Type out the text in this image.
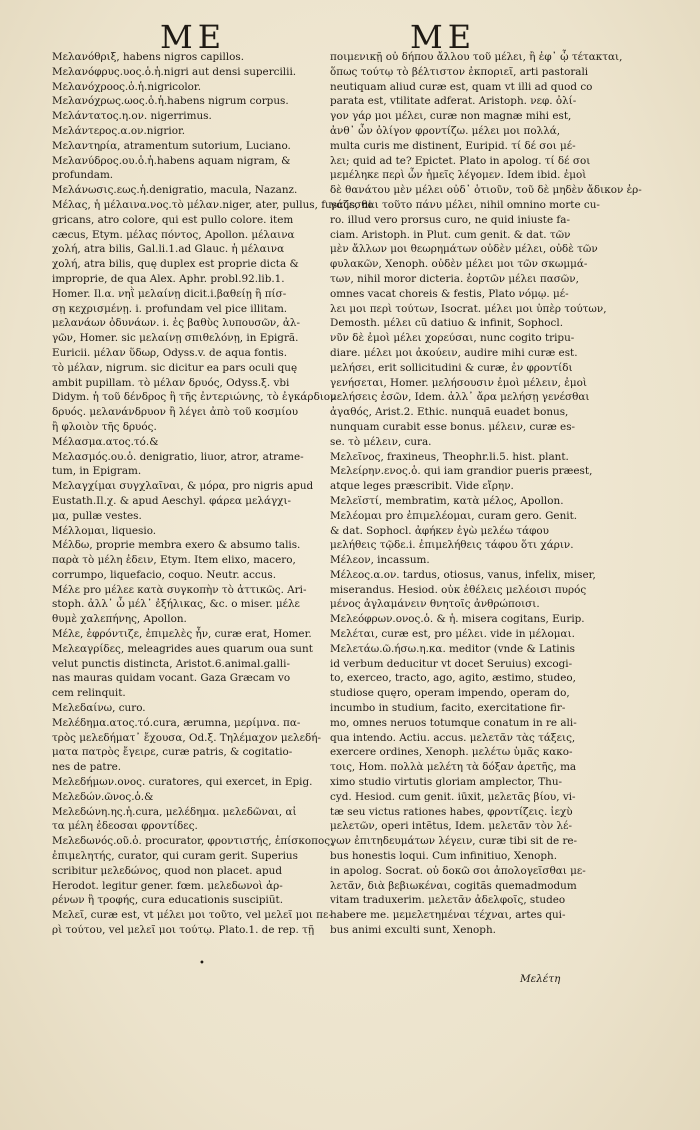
ME	ME
Μελανόθριξ, habens nigros capillos.
Μελανόφρυς.υος.ὁ.ἡ.nigri aut densi supercilii.
Μελανόχροος.ὁ.ἡ.nigricolor.
Μελανόχρως.ωος.ὁ.ἡ.habens nigrum corpus.
Μελάντατος.η.ον. nigerrimus.
Μελάντερος.α.ον.nigrior.
Μελαντηρία, atramentum sutorium, Luciano.
Μελανύδρος.ου.ὁ.ἡ.habens aquam nigram, &
profundam.
Μελάνωσις.εως.ἡ.denigratio, macula, Nazanz.
Μέλας, ἡ μέλαινα.νος.τὸ μέλαν.niger, ater, pullus, fuscus, ni
gricans, atro colore, qui est pullo colore. item
cæcus, Etym. μέλας πόντος, Apollon. μέλαινα
χολή, atra bilis, Gal.li.1.ad Glauc. ἡ μέλαινα
χολή, atra bilis, quę duplex est proprie dicta &
improprie, de qua Alex. Aphr. probl.92.lib.1.
Homer. Il.α. νηῒ μελαίνῃ dicit.i.βαθείῃ ἢ πίσ-
σῃ κεχρισμένῃ. i. profundam vel pice illitam.
μελανάων ὀδυνάων. i. ἐς βαθὺς λυπουσῶν, ἀλ-
γῶν, Homer. sic μελαίνῃ σπιθελόνῃ, in Epigrã.
Euricii. μέλαν ὕδωρ, Odyss.v. de aqua fontis.
τὸ μέλαν, nigrum. sic dicitur ea pars oculi quę
ambit pupillam. τὸ μέλαν δρυός, Odyss.ξ. vbi
Didym. ἡ τοῦ δένδρος ἢ τῆς ἐντεριώνης, τὸ ἐγκάρδιον
δρυός. μελανάνδρυον ἢ λέγει ἀπὸ τοῦ κοσμίου
ἢ φλοιὸν τῆς δρυός.
Μέλασμα.ατος.τό.&
Μελασμός.ου.ὁ. denigratio, liuor, atror, atrame-
tum, in Epigram.
Μελαγχίμαι συγχλαῖναι, & μόρα, pro nigris apud
Eustath.Il.χ. & apud Aeschyl. φάρεα μελάγχι-
μα, pullæ vestes.
Μέλλομαι, liquesio.
Μέλδω, proprie membra exero & absumo talis.
παρὰ τὸ μέλη ἐδειν, Etym. Item elixo, macero,
corrumpo, liquefacio, coquo. Neutr. accus.
Μέλε pro μέλεε κατὰ συγκοπὴν τὸ ἀττικῶς. Ari-
stoph. ἀλλ᾽ ὦ μέλ᾽ ἐξήλικας, &c. o miser. μέλε
θυμὲ χαλεπήνης, Apollon.
Μέλε, ἐφρόντιζε, ἐπιμελὲς ἦν, curæ erat, Homer.
Μελεαγρίδες, meleagrides aues quarum oua sunt
velut punctis distincta, Aristot.6.animal.galli-
nas mauras quidam vocant. Gaza Græcam vo
cem relinquit.
Μελεδαίνω, curo.
Μελέδημα.ατος.τό.cura, ærumna, μερίμνα. πα-
τρὸς μελεδήματ᾽ ἔχουσα, Od.ξ. Τηλέμαχον μελεδή-
ματα πατρὸς ἔγειρε, curæ patris, & cogitatio-
nes de patre.
Μελεδήμων.ονος. curatores, qui exercet, in Epig.
Μελεδών.ῶνος.ὁ.&
Μελεδώνη.ης.ἡ.cura, μελέδημα. μελεδῶναι, αἰ
τα μέλη ἐδεοσαι φροντίδες.
Μελεδωνός.οῦ.ὁ. procurator, φροντιστής, ἐπίσκοπος,
ἐπιμελητής, curator, qui curam gerit. Superius
scribitur μελεδώνος, quod non placet. apud
Herodot. legitur gener. fœm. μελεδωνοὶ ἀρ-
ρένων ἢ τροφής, cura educationis suscipiũt.
Μελεῖ, curæ est, vt μέλει μοι τοῦτο, vel μελεῖ μοι πε-
ρὶ τούτου, vel μελεῖ μοι τούτῳ. Plato.1. de rep. τῇ
ποιμενικῇ οὐ δήπου ἄλλου τοῦ μέλει, ἢ ἐφ᾽ ᾧ τέτακται,
ὅπως τούτῳ τὸ βέλτιστον ἐκποριεῖ, arti pastorali
neutiquam aliud curæ est, quam vt illi ad quod co
parata est, vtilitate adferat. Aristoph. νεφ. ὀλί-
γον γάρ μοι μέλει, curæ non magnæ mihi est,
ἀνθ᾽ ὧν ὀλίγον φροντίζω. μέλει μοι πολλά,
multa curis me distinent, Euripid. τί δέ σοι μέ-
λει; quid ad te? Epictet. Plato in apolog. τί δέ σοι
μεμέληκε περὶ ὧν ἡμεῖς λέγομεν. Idem ibid. ἐμοὶ
δὲ θανάτου μὲν μέλει οὐδ᾽ ὁτιοῦν, τοῦ δὲ μηδὲν ἄδικον ἐρ-
γάζεσθαι τοῦτο πάνυ μέλει, nihil omnino morte cu-
ro. illud vero prorsus curo, ne quid iniuste fa-
ciam. Aristoph. in Plut. cum genit. & dat. τῶν
μὲν ἄλλων μοι θεωρημάτων οὐδὲν μέλει, οὐδὲ τῶν
φυλακῶν, Xenoph. οὐδὲν μέλει μοι τῶν σκωμμά-
των, nihil moror dicteria. ἑορτῶν μέλει πασῶν,
omnes vacat choreis & festis, Plato νόμῳ. μέ-
λει μοι περὶ τούτων, Isocrat. μέλει μοι ὑπὲρ τούτων,
Demosth. μέλει cũ datiuo & infinit, Sophocl.
νῦν δὲ ἐμοὶ μέλει χορεύσαι, nunc cogito tripu-
diare. μέλει μοι ἀκούειν, audire mihi curæ est.
μελήσει, erit sollicitudini & curæ, ἐν φροντίδι
γενήσεται, Homer. μελήσουσιν ἐμοὶ μέλειν, ἐμοὶ
μελήσεις ἐσῶν, Idem. ἀλλ᾽ ἄρα μελήσῃ γενέσθαι
ἀγαθός, Arist.2. Ethic. nunquã euadet bonus,
nunquam curabit esse bonus. μέλειν, curæ es-
se. τὸ μέλειν, cura.
Μελεῖνος, fraxineus, Theophr.li.5. hist. plant.
Μελείρην.ενος.ὁ. qui iam grandior pueris præest,
atque leges præscribit. Vide εἴρην.
Μελεϊστί, membratim, κατὰ μέλος, Apollon.
Μελέομαι pro ἐπιμελέομαι, curam gero. Genit.
& dat. Sophocl. ἀφήκεν ἐγὼ μελέω τάφου
μελήθεις τῷδε.i. ἐπιμελήθεις τάφου ὅτι χάριν.
Μέλεον, incassum.
Μέλεος.α.ον. tardus, otiosus, vanus, infelix, miser,
miserandus. Hesiod. οὐκ ἐθέλεις μελέοισι πυρός
μένος ἀγλαμάνειν θνητοῖς ἀνθρώποισι.
Μελεόφρων.ονος.ὁ. & ἡ. misera cogitans, Eurip.
Μελέται, curæ est, pro μέλει. vide in μέλομαι.
Μελετάω.ῶ.ήσω.η.κα. meditor (vnde & Latinis
id verbum deducitur vt docet Seruius) excogi-
to, exerceo, tracto, ago, agito, æstimo, studeo,
studiose quęro, operam impendo, operam do,
incumbo in studium, facito, exercitatione fir-
mo, omnes neruos totumque conatum in re ali-
qua intendo. Actiu. accus. μελετᾶν τὰς τάξεις,
exercere ordines, Xenoph. μελέτω ὑμᾶς κακο-
τοις, Hom. πολλὰ μελέτη τὰ δόξαν ἀρετῆς, ma
ximo studio virtutis gloriam amplector, Thu-
cyd. Hesiod. cum genit. iūxit, μελετᾶς βίου, vi-
tæ seu victus rationes habes, φροντίζεις. ἰεχὺ
μελετῶν, operi intẽtus, Idem. μελετᾶν τὸν λέ-
γων ἐπιτηδευμάτων λέγειν, curæ tibi sit de re-
bus honestis loqui. Cum infinitiuo, Xenoph.
in apolog. Socrat. οὐ δοκῶ σοι ἀπολογεῖσθαι με-
λετᾶν, διὰ βεβιωκέναι, cogitãs quemadmodum
vitam traduxerim. μελετᾶν ἀδελφοῖς, studeo
habere me. μεμελετημέναι τέχναι, artes qui-
bus animi exculti sunt, Xenoph.
•
Μελέτη
